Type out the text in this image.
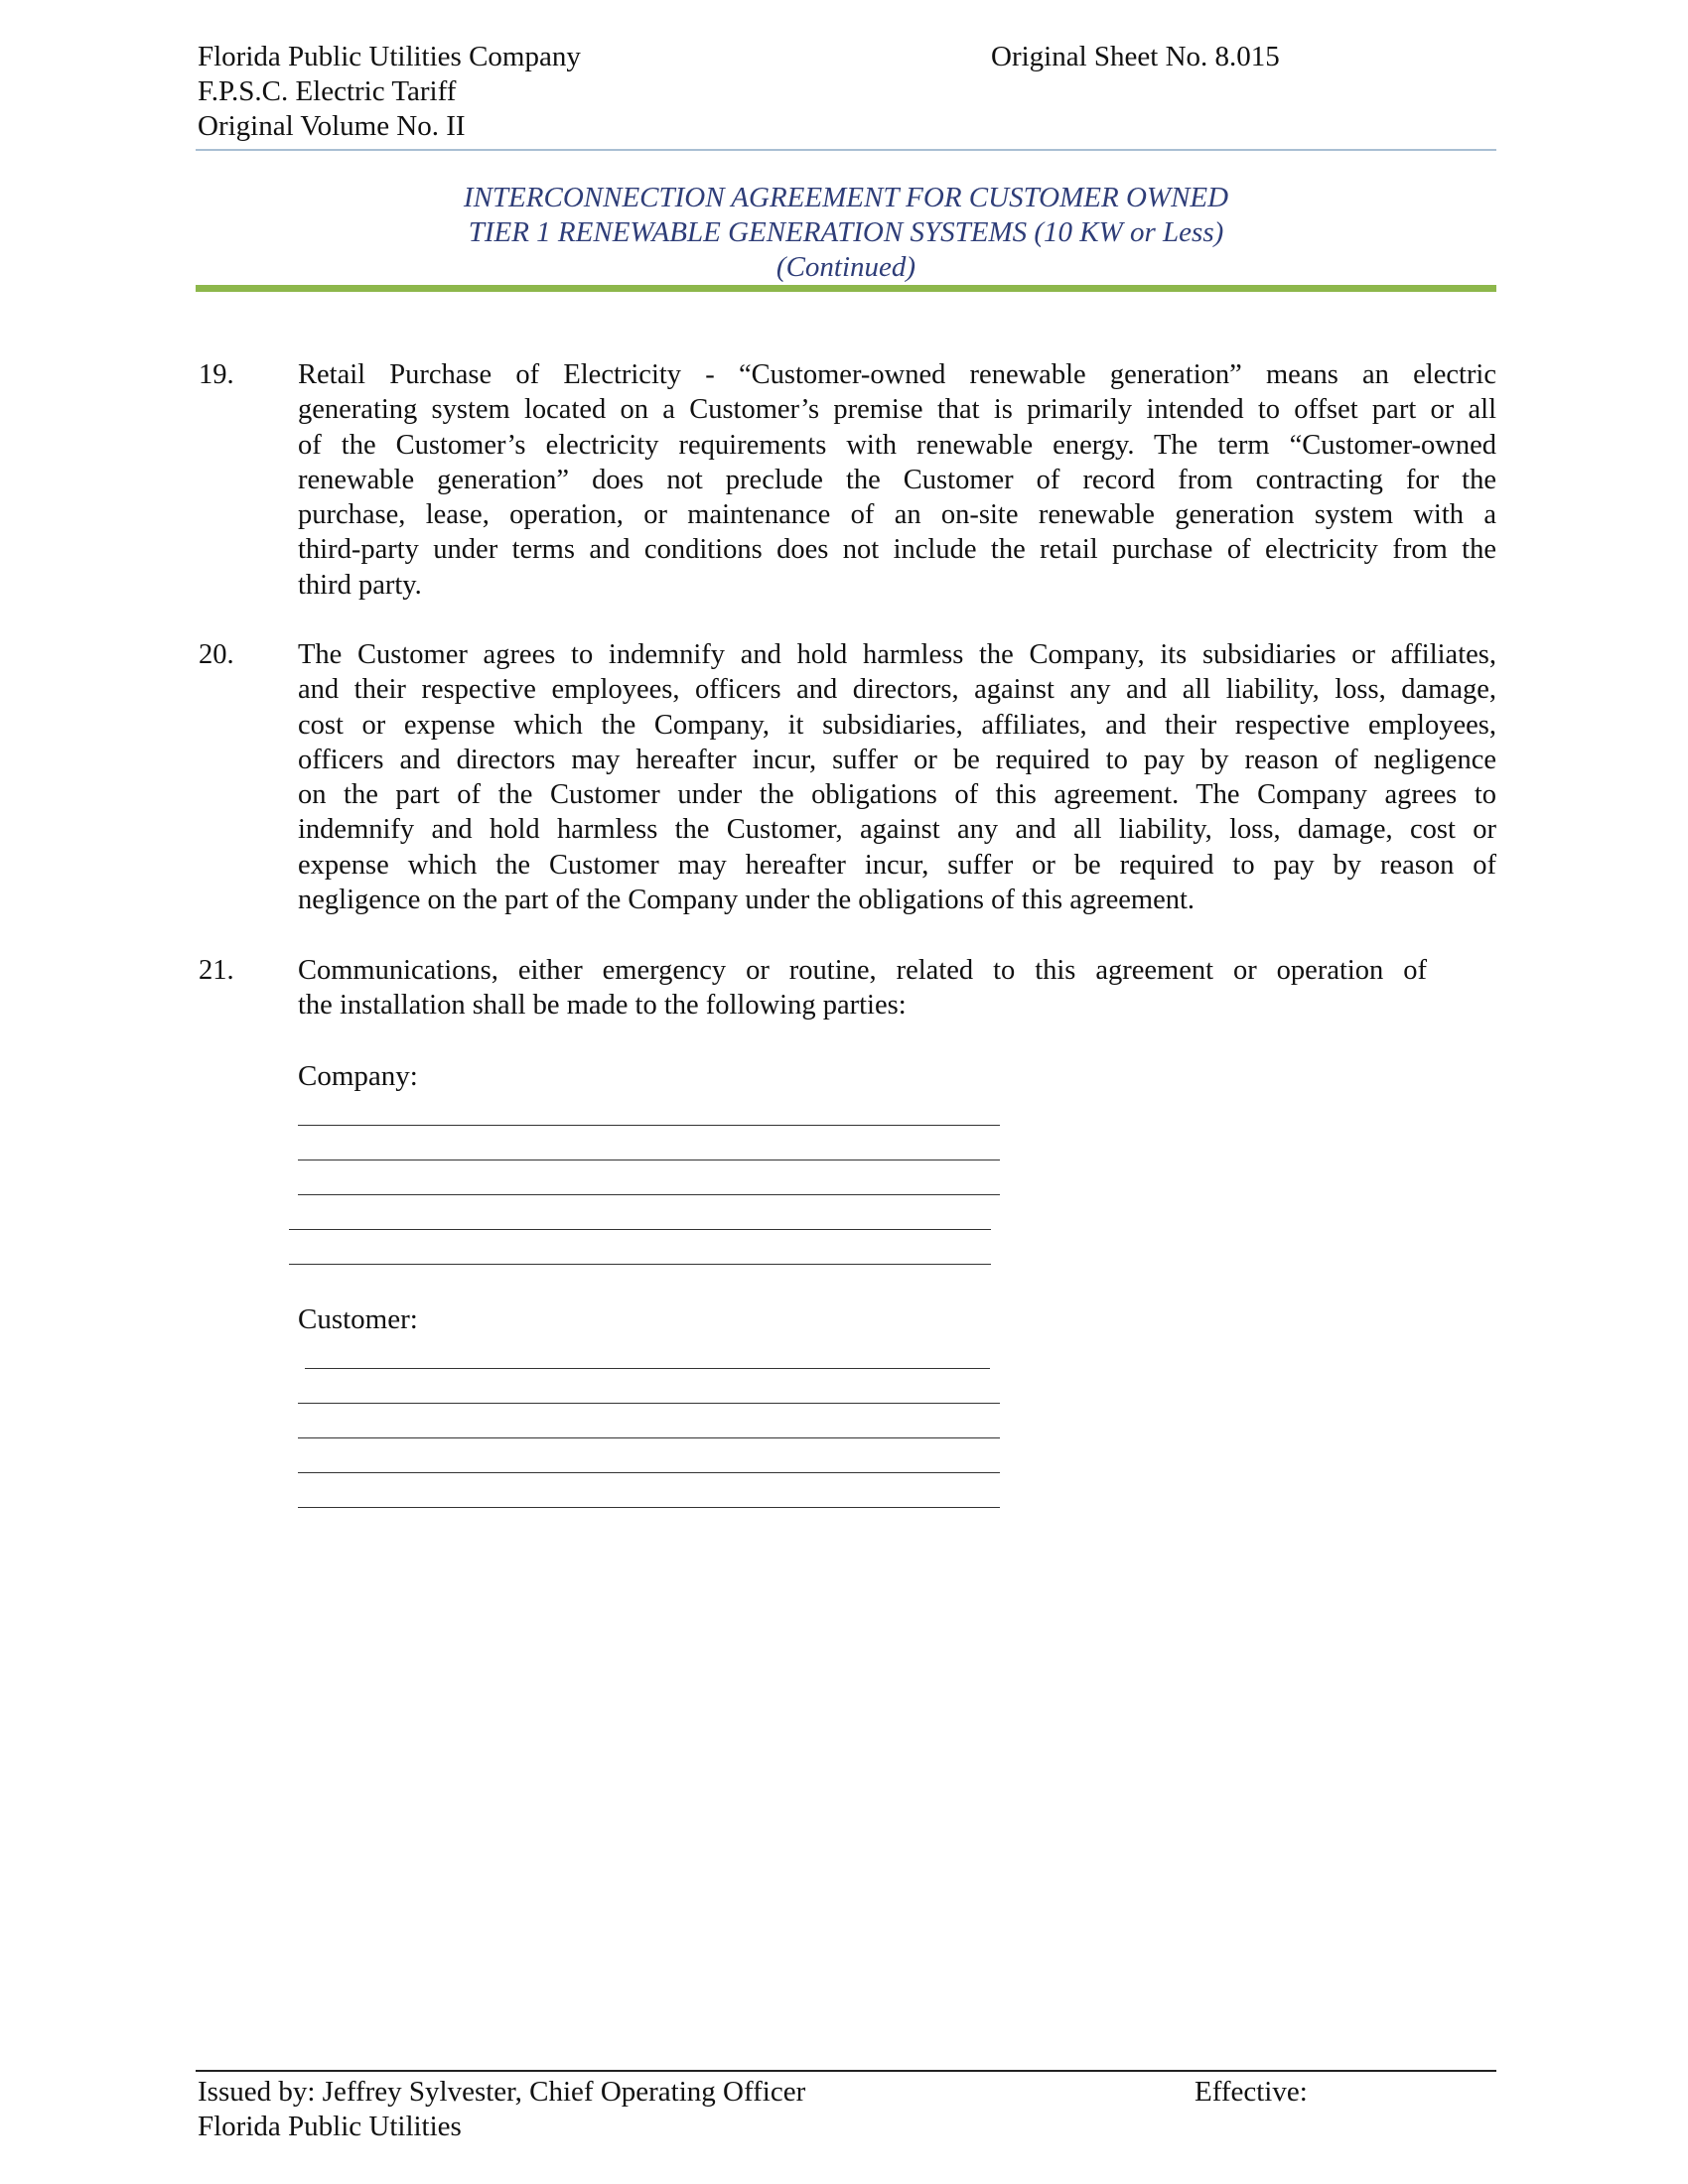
Florida Public Utilities Company
F.P.S.C. Electric Tariff
Original Volume No. II
Original Sheet No. 8.015
INTERCONNECTION AGREEMENT FOR CUSTOMER OWNED
TIER 1 RENEWABLE GENERATION SYSTEMS (10 KW or Less)
(Continued)
19. Retail Purchase of Electricity - “Customer-owned renewable generation” means an electric
generating system located on a Customer’s premise that is primarily intended to offset part or all
of the Customer’s electricity requirements with renewable energy. The term “Customer-owned
renewable generation” does not preclude the Customer of record from contracting for the
purchase, lease, operation, or maintenance of an on-site renewable generation system with a
third-party under terms and conditions does not include the retail purchase of electricity from the
third party.
20. The Customer agrees to indemnify and hold harmless the Company, its subsidiaries or affiliates,
and their respective employees, officers and directors, against any and all liability, loss, damage,
cost or expense which the Company, it subsidiaries, affiliates, and their respective employees,
officers and directors may hereafter incur, suffer or be required to pay by reason of negligence
on the part of the Customer under the obligations of this agreement. The Company agrees to
indemnify and hold harmless the Customer, against any and all liability, loss, damage, cost or
expense which the Customer may hereafter incur, suffer or be required to pay by reason of
negligence on the part of the Company under the obligations of this agreement.
21. Communications, either emergency or routine, related to this agreement or operation of
the installation shall be made to the following parties:
Company:
Customer:
Issued by: Jeffrey Sylvester, Chief Operating Officer
Florida Public Utilities
Effective:
